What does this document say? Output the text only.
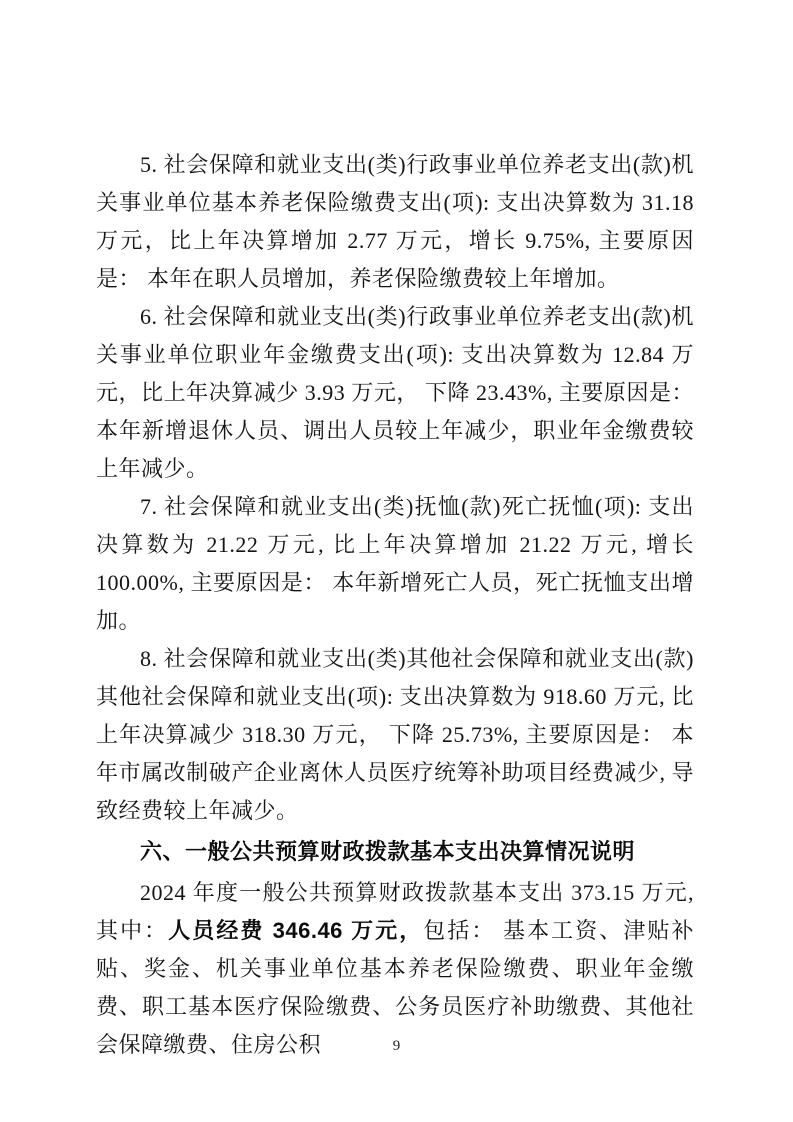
5. 社会保障和就业支出(类)行政事业单位养老支出(款)机关事业单位基本养老保险缴费支出(项): 支出决算数为 31.18 万元，比上年决算增加 2.77 万元，增长 9.75%, 主要原因是： 本年在职人员增加，养老保险缴费较上年增加。

6. 社会保障和就业支出(类)行政事业单位养老支出(款)机关事业单位职业年金缴费支出(项): 支出决算数为 12.84 万元，比上年决算减少 3.93 万元， 下降 23.43%, 主要原因是： 本年新增退休人员、调出人员较上年减少，职业年金缴费较上年减少。

7. 社会保障和就业支出(类)抚恤(款)死亡抚恤(项): 支出决算数为 21.22 万元, 比上年决算增加 21.22 万元, 增长 100.00%, 主要原因是： 本年新增死亡人员，死亡抚恤支出增加。

8. 社会保障和就业支出(类)其他社会保障和就业支出(款)其他社会保障和就业支出(项): 支出决算数为 918.60 万元, 比上年决算减少 318.30 万元， 下降 25.73%, 主要原因是： 本年市属改制破产企业离休人员医疗统筹补助项目经费减少, 导致经费较上年减少。

六、一般公共预算财政拨款基本支出决算情况说明

2024 年度一般公共预算财政拨款基本支出 373.15 万元, 其中：人员经费 346.46 万元，包括： 基本工资、津贴补贴、奖金、机关事业单位基本养老保险缴费、职业年金缴费、职工基本医疗保险缴费、公务员医疗补助缴费、其他社会保障缴费、住房公积	9
